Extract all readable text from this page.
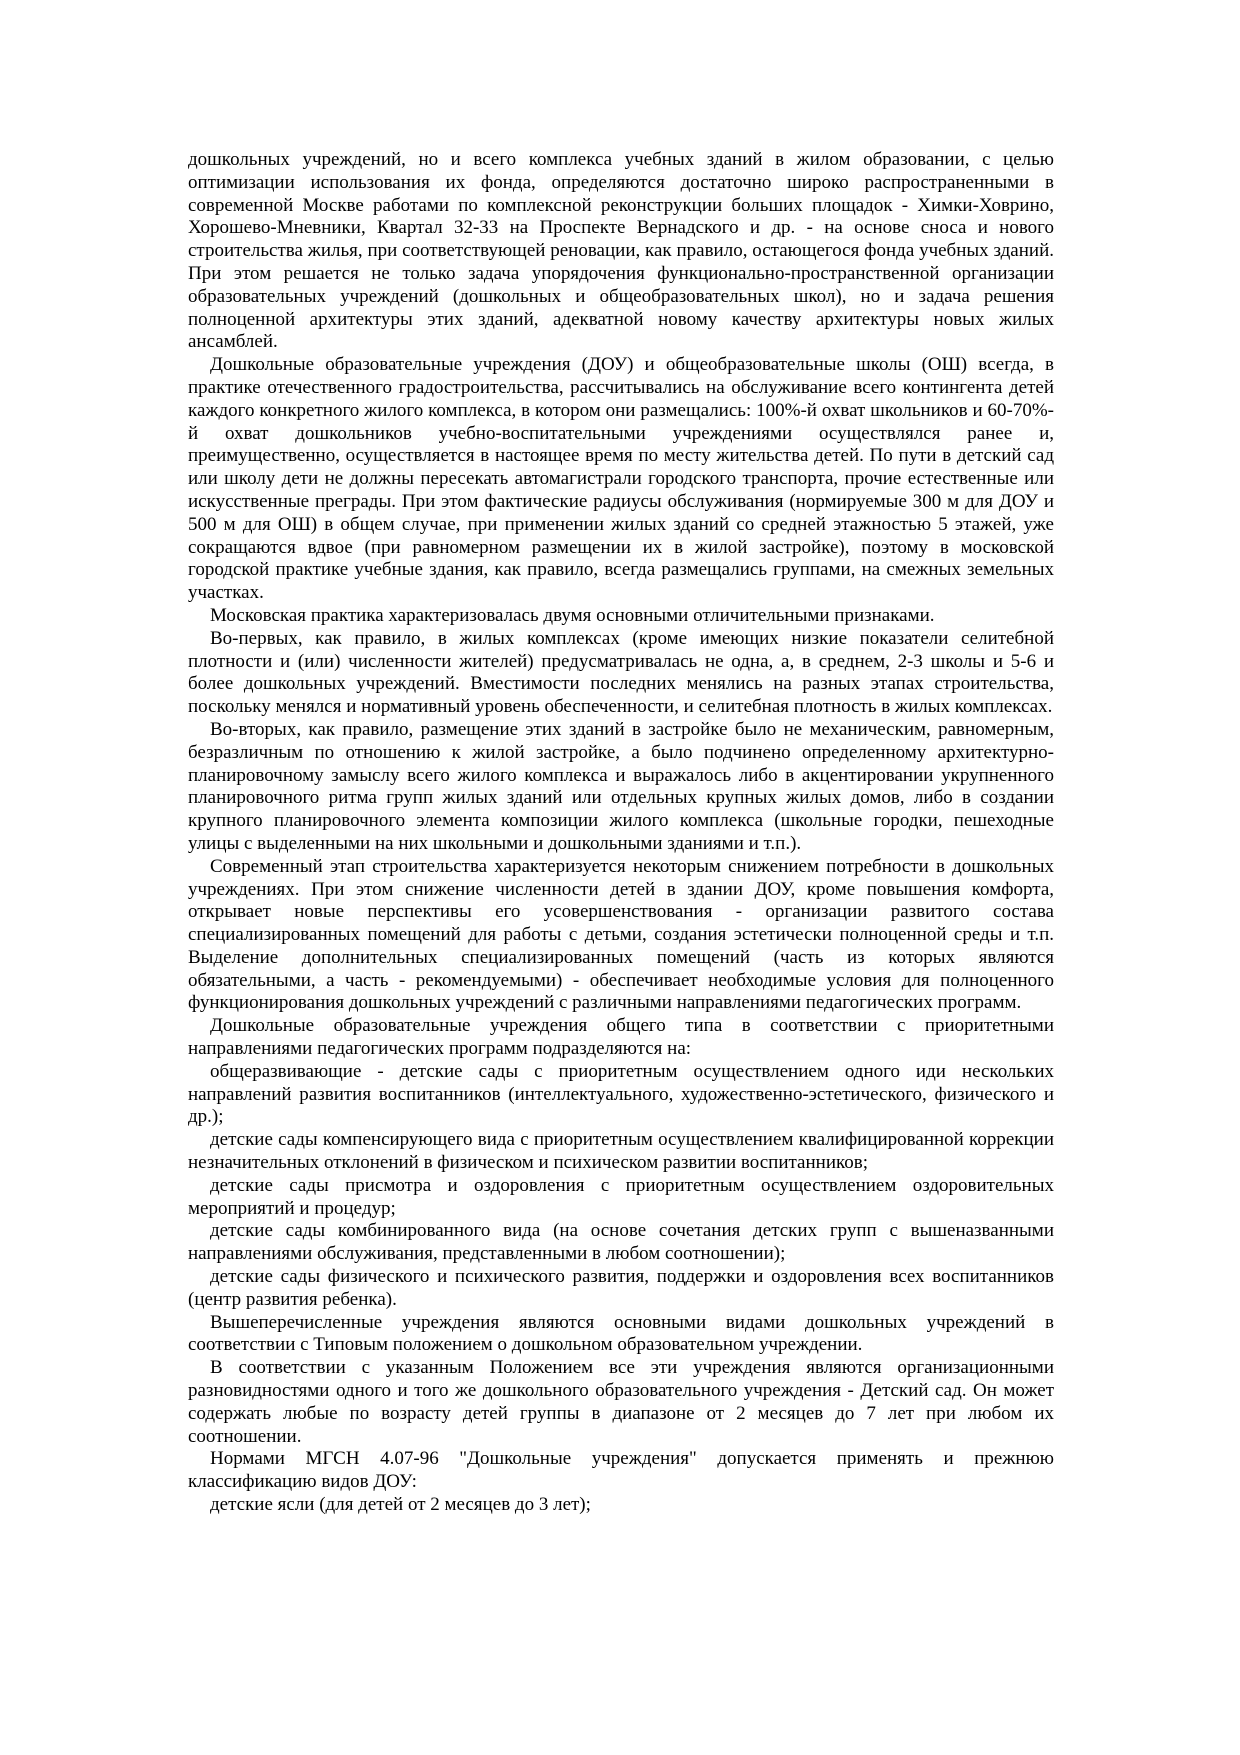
дошкольных учреждений, но и всего комплекса учебных зданий в жилом образовании, с целью оптимизации использования их фонда, определяются достаточно широко распространенными в современной Москве работами по комплексной реконструкции больших площадок - Химки-Ховрино, Хорошево-Мневники, Квартал 32-33 на Проспекте Вернадского и др. - на основе сноса и нового строительства жилья, при соответствующей реновации, как правило, остающегося фонда учебных зданий. При этом решается не только задача упорядочения функционально-пространственной организации образовательных учреждений (дошкольных и общеобразовательных школ), но и задача решения полноценной архитектуры этих зданий, адекватной новому качеству архитектуры новых жилых ансамблей.

Дошкольные образовательные учреждения (ДОУ) и общеобразовательные школы (ОШ) всегда, в практике отечественного градостроительства, рассчитывались на обслуживание всего контингента детей каждого конкретного жилого комплекса, в котором они размещались: 100%-й охват школьников и 60-70%-й охват дошкольников учебно-воспитательными учреждениями осуществлялся ранее и, преимущественно, осуществляется в настоящее время по месту жительства детей. По пути в детский сад или школу дети не должны пересекать автомагистрали городского транспорта, прочие естественные или искусственные преграды. При этом фактические радиусы обслуживания (нормируемые 300 м для ДОУ и 500 м для ОШ) в общем случае, при применении жилых зданий со средней этажностью 5 этажей, уже сокращаются вдвое (при равномерном размещении их в жилой застройке), поэтому в московской городской практике учебные здания, как правило, всегда размещались группами, на смежных земельных участках.

Московская практика характеризовалась двумя основными отличительными признаками.

Во-первых, как правило, в жилых комплексах (кроме имеющих низкие показатели селитебной плотности и (или) численности жителей) предусматривалась не одна, а, в среднем, 2-3 школы и 5-6 и более дошкольных учреждений. Вместимости последних менялись на разных этапах строительства, поскольку менялся и нормативный уровень обеспеченности, и селитебная плотность в жилых комплексах.

Во-вторых, как правило, размещение этих зданий в застройке было не механическим, равномерным, безразличным по отношению к жилой застройке, а было подчинено определенному архитектурно-планировочному замыслу всего жилого комплекса и выражалось либо в акцентировании укрупненного планировочного ритма групп жилых зданий или отдельных крупных жилых домов, либо в создании крупного планировочного элемента композиции жилого комплекса (школьные городки, пешеходные улицы с выделенными на них школьными и дошкольными зданиями и т.п.).

Современный этап строительства характеризуется некоторым снижением потребности в дошкольных учреждениях. При этом снижение численности детей в здании ДОУ, кроме повышения комфорта, открывает новые перспективы его усовершенствования - организации развитого состава специализированных помещений для работы с детьми, создания эстетически полноценной среды и т.п. Выделение дополнительных специализированных помещений (часть из которых являются обязательными, а часть - рекомендуемыми) - обеспечивает необходимые условия для полноценного функционирования дошкольных учреждений с различными направлениями педагогических программ.

Дошкольные образовательные учреждения общего типа в соответствии с приоритетными направлениями педагогических программ подразделяются на:

общеразвивающие - детские сады с приоритетным осуществлением одного иди нескольких направлений развития воспитанников (интеллектуального, художественно-эстетического, физического и др.);

детские сады компенсирующего вида с приоритетным осуществлением квалифицированной коррекции незначительных отклонений в физическом и психическом развитии воспитанников;

детские сады присмотра и оздоровления с приоритетным осуществлением оздоровительных мероприятий и процедур;

детские сады комбинированного вида (на основе сочетания детских групп с вышеназванными направлениями обслуживания, представленными в любом соотношении);

детские сады физического и психического развития, поддержки и оздоровления всех воспитанников (центр развития ребенка).

Вышеперечисленные учреждения являются основными видами дошкольных учреждений в соответствии с Типовым положением о дошкольном образовательном учреждении.

В соответствии с указанным Положением все эти учреждения являются организационными разновидностями одного и того же дошкольного образовательного учреждения - Детский сад. Он может содержать любые по возрасту детей группы в диапазоне от 2 месяцев до 7 лет при любом их соотношении.

Нормами МГСН 4.07-96 "Дошкольные учреждения" допускается применять и прежнюю классификацию видов ДОУ:

детские ясли (для детей от 2 месяцев до 3 лет);
